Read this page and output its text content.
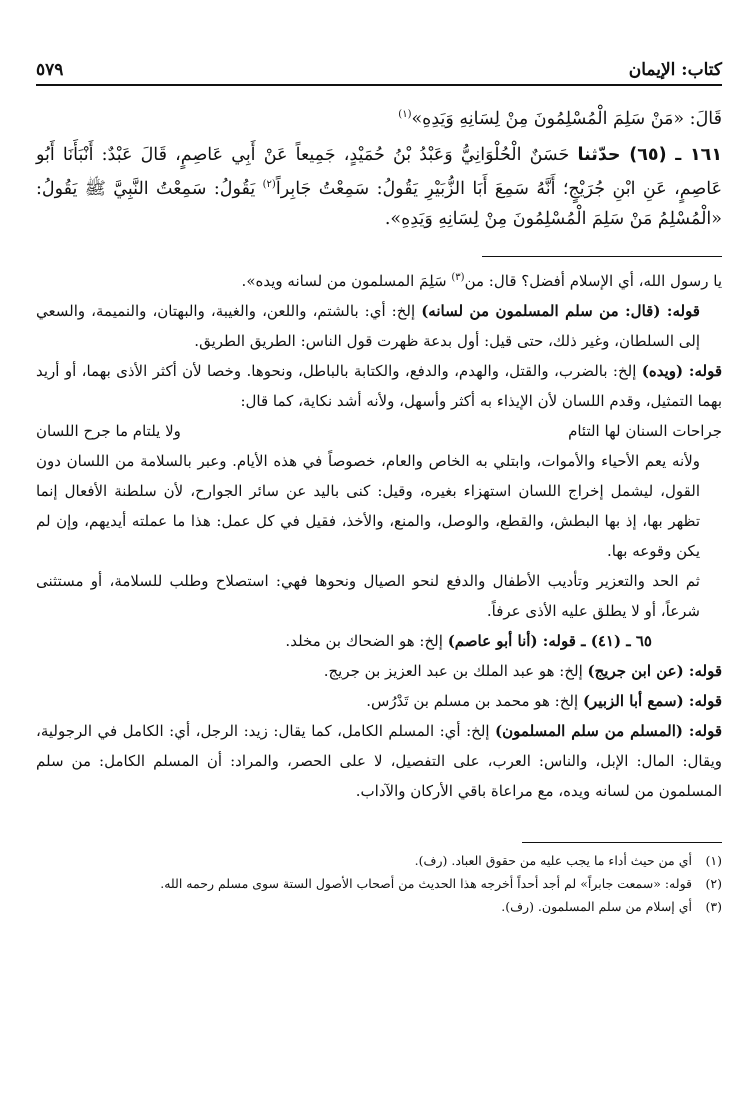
كتاب: الإيمان
٥٧٩

قَالَ: «مَنْ سَلِمَ الْمُسْلِمُونَ مِنْ لِسَانِهِ وَيَدِهِ»$^{(١)}$

١٦١ ـ (٦٥) حدّثنا حَسَنٌ الْحُلْوَانِيُّ وَعَبْدُ بْنُ حُمَيْدٍ، جَمِيعاً عَنْ أَبِي عَاصِمٍ، قَالَ عَبْدٌ: أَنْبَأَنَا أَبُو عَاصِمٍ، عَنِ ابْنِ جُرَيْجٍ؛ أَنَّهُ سَمِعَ أَبَا الزُّبَيْرِ يَقُولُ: سَمِعْتُ جَابِراً$^{(٢)}$ يَقُولُ: سَمِعْتُ النَّبِيَّ ﷺ يَقُولُ: «الْمُسْلِمُ مَنْ سَلِمَ الْمُسْلِمُونَ مِنْ لِسَانِهِ وَيَدِهِ».

يا رسول الله، أي الإسلام أفضل؟ قال: من$^{(٣)}$ سَلِمَ المسلمون من لسانه ويده».

قوله: (قال: من سلم المسلمون من لسانه) إلخ: أي: بالشتم، واللعن، والغيبة، والبهتان، والنميمة، والسعي إلى السلطان، وغير ذلك، حتى قيل: أول بدعة ظهرت قول الناس: الطريق الطريق.

قوله: (ويده) إلخ: بالضرب، والقتل، والهدم، والدفع، والكتابة بالباطل، ونحوها. وخصا لأن أكثر الأذى بهما، أو أريد بهما التمثيل، وقدم اللسان لأن الإيذاء به أكثر وأسهل، ولأنه أشد نكاية، كما قال:

جراحات السنان لها التئام
ولا يلتام ما جرح اللسان

ولأنه يعم الأحياء والأموات، وابتلي به الخاص والعام، خصوصاً في هذه الأيام. وعبر بالسلامة من اللسان دون القول، ليشمل إخراج اللسان استهزاء بغيره، وقيل: كنى باليد عن سائر الجوارح، لأن سلطنة الأفعال إنما تظهر بها، إذ بها البطش، والقطع، والوصل، والمنع، والأخذ، فقيل في كل عمل: هذا ما عملته أيديهم، وإن لم يكن وقوعه بها.

ثم الحد والتعزير وتأديب الأطفال والدفع لنحو الصيال ونحوها فهي: استصلاح وطلب للسلامة، أو مستثنى شرعاً، أو لا يطلق عليه الأذى عرفاً.

٦٥ ـ (٤١) ـ قوله: (أنا أبو عاصم) إلخ: هو الضحاك بن مخلد.

قوله: (عن ابن جريج) إلخ: هو عبد الملك بن عبد العزيز بن جريج.

قوله: (سمع أبا الزبير) إلخ: هو محمد بن مسلم بن تَدْرُس.

قوله: (المسلم من سلم المسلمون) إلخ: أي: المسلم الكامل، كما يقال: زيد: الرجل، أي: الكامل في الرجولية، ويقال: المال: الإبل، والناس: العرب، على التفصيل، لا على الحصر، والمراد: أن المسلم الكامل: من سلم المسلمون من لسانه ويده، مع مراعاة باقي الأركان والآداب.

(١)أي من حيث أداء ما يجب عليه من حقوق العباد. (رف).

(٢)قوله: «سمعت جابراً» لم أجد أحداً أخرجه هذا الحديث من أصحاب الأصول الستة سوى مسلم رحمه الله.

(٣)أي إسلام من سلم المسلمون. (رف).
